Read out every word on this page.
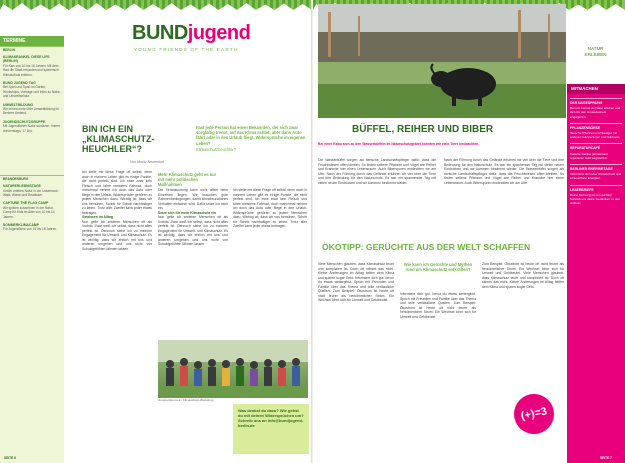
TERMINE
BERLIN
KLIMAKRANKEL DIESE LIFE (BERLIN)
Für Kids von 10 bis 16 Jahren: Mit dem Rad die Stadt erkunden und spielerisch Klimaschutz erleben.
BUND JUGEND TAG
Bei Spiel und Spaß im Garten, Workshops, Vorträge und Infos zu Natur- und Umweltschutz.
UMWELTBILDUNG
Wir lernen mehr über Umweltbildung im Berliner Umland.
JUGENDSCHUTZGRUPPE
Mit Jugendlichen Natur schützen. Immer donnerstags, 17 Uhr.
BRANDENBURG
NATURERLEBNISTAGE
Kinder erleben Natur in der Uckermark: Wald, Wiese und Gewässer.
CAPTURE THE FLAG CAMP
Wir spielen zusammen in der Natur. Camp für Kids im Alter von 10 bis 14 Jahren.
SOMMERKLIMACAMP
Für Jugendliche von 14 bis 18 Jahren.
SEITE 6
BUNDjugend
YOUNG FRIENDS OF THE EARTH
BIN ICH EIN „KLIMASCHUTZ-HEUCHLER“?
Von Moritz Neuendorf
Fast jede Person hat einen Bekannten, der sich zwar sorgfältig trennt, auf das Klima achtet, aber dann Auto fährt oder in den Urlaub fliegt. Widersprüche im eigenen Leben?
Klimaschutzheuchler?
Ich stelle mir diese Frage oft selbst, denn auch in meinem Leben gibt es einige Punkte, die nicht perfekt sind. Ich esse zwar kein Fleisch und fahre meistens Fahrrad, doch manchmal nehme ich doch das Auto oder fliege in den Urlaub. Widersprüche gehören zu jedem Menschen dazu. Wichtig ist, dass wir uns bemühen, Schritt für Schritt nachhaltiger zu leben. Trotz aller Zweifel kann jeder etwas beitragen.
Gewissen im Alltag
Nun gelte ich anderen Menschen oft als Vorbild. Zwar weiß ich selbst, dass nicht alles perfekt ist. Dennoch stehe ich zu meinem Engagement für Umwelt- und Klimaschutz. Es ist wichtig, dass wir ehrlich mit uns und anderen umgehen und uns nicht von Schuldgefühlen lähmen lassen.
Mehr Klimaschutz geht es nur mit mehr politischen Maßnahmen
Die Verantwortung kann nicht allein beim Einzelnen liegen. Wir brauchen gute Rahmenbedingungen, damit klimafreundliches Verhalten einfacher wird. Dafür setze ich mich ein.
Setze sich für mehr Klimaschutz ein
Nun gelte ich anderen Menschen oft als Vorbild. Zwar weiß ich selbst, dass nicht alles perfekt ist. Dennoch stehe ich zu meinem Engagement für Umwelt- und Klimaschutz. Es ist wichtig, dass wir ehrlich mit uns und anderen umgehen und uns nicht von Schuldgefühlen lähmen lassen.
Ich stelle mir diese Frage oft selbst, denn auch in meinem Leben gibt es einige Punkte, die nicht perfekt sind. Ich esse zwar kein Fleisch und fahre meistens Fahrrad, doch manchmal nehme ich doch das Auto oder fliege in den Urlaub. Widersprüche gehören zu jedem Menschen dazu. Wichtig ist, dass wir uns bemühen, Schritt für Schritt nachhaltiger zu leben. Trotz aller Zweifel kann jeder etwas beitragen.
Gruppenfoto beim Klimaschutz-Workshop
Was denkst du dazu? Wie gehst du mit deinen Widersprüchen um? Schreib uns an info@bundjugend-berlin.de
NATUR
ERLEBEN
BÜFFEL, REIHER UND BIBER
Bei einer Exkursion zu den Wasserbüffeln im Naturschutzgebiet konnten wir viele Tiere beobachten.
Die Wasserbüffel sorgen als tierische Landschaftspfleger dafür, dass die Feuchtwiesen offen bleiben. So finden seltene Pflanzen und Vögel wie Reiher und Kraniche hier einen Lebensraum. Auch Biberspuren entdeckten wir am Ufer. Nach der Führung durch das Gelände erfuhren wir viel über die Tiere und ihre Bedeutung für den Naturschutz. Es war ein spannender Tag mit vielen neuen Eindrücken und wir kommen bestimmt wieder.
Nach der Führung durch das Gelände erfuhren wir viel über die Tiere und ihre Bedeutung für den Naturschutz. Es war ein spannender Tag mit vielen neuen Eindrücken und wir kommen bestimmt wieder. Die Wasserbüffel sorgen als tierische Landschaftspfleger dafür, dass die Feuchtwiesen offen bleiben. So finden seltene Pflanzen und Vögel wie Reiher und Kraniche hier einen Lebensraum. Auch Biberspuren entdeckten wir am Ufer.
ÖKOTIPP: GERÜCHTE AUS DER WELT SCHAFFEN
Viele Menschen glauben, dass Klimaschutz teuer und kompliziert ist. Doch oft stimmt das nicht. Kleine Änderungen im Alltag helfen dem Klima und sparen sogar Geld. Informiere dich gut, bevor du etwas weitergibst. Sprich mit Freunden und Familie über das Thema und teile verlässliche Quellen. Zum Beispiel: Ökostrom ist heute oft nicht teurer als herkömmlicher Strom. Ein Wechsel lohnt sich für Umwelt und Geldbeutel.
Wie kann ich Gerüchte und Mythen rund um Klimaschutz entkräften?
Informiere dich gut, bevor du etwas weitergibst. Sprich mit Freunden und Familie über das Thema und teile verlässliche Quellen. Zum Beispiel: Ökostrom ist heute oft nicht teurer als herkömmlicher Strom. Ein Wechsel lohnt sich für Umwelt und Geldbeutel.
Zum Beispiel: Ökostrom ist heute oft nicht teurer als herkömmlicher Strom. Ein Wechsel lohnt sich für Umwelt und Geldbeutel. Viele Menschen glauben, dass Klimaschutz teuer und kompliziert ist. Doch oft stimmt das nicht. Kleine Änderungen im Alltag helfen dem Klima und sparen sogar Geld.
(+)=3
DER NAGESPRUNG
Bei uns kannst du Natur erleben und dich für den Umweltschutz engagieren.
PFLANZENBÖRSE
Tausche Pflanzen und Saatgut mit anderen Gärtnerinnen und Gärtnern.
REPARATURCAFÉ
Kaputte Geräte gemeinsam reparieren statt wegwerfen.
BERLINER ENERGIETAGE
Informiere dich über Klimaschutz und erneuerbare Energien.
LESERBRIEFE
Deine Meinung ist uns wichtig! Schreib uns deine Gedanken zu den Artikeln.
MITMACHEN
SEITE 7
